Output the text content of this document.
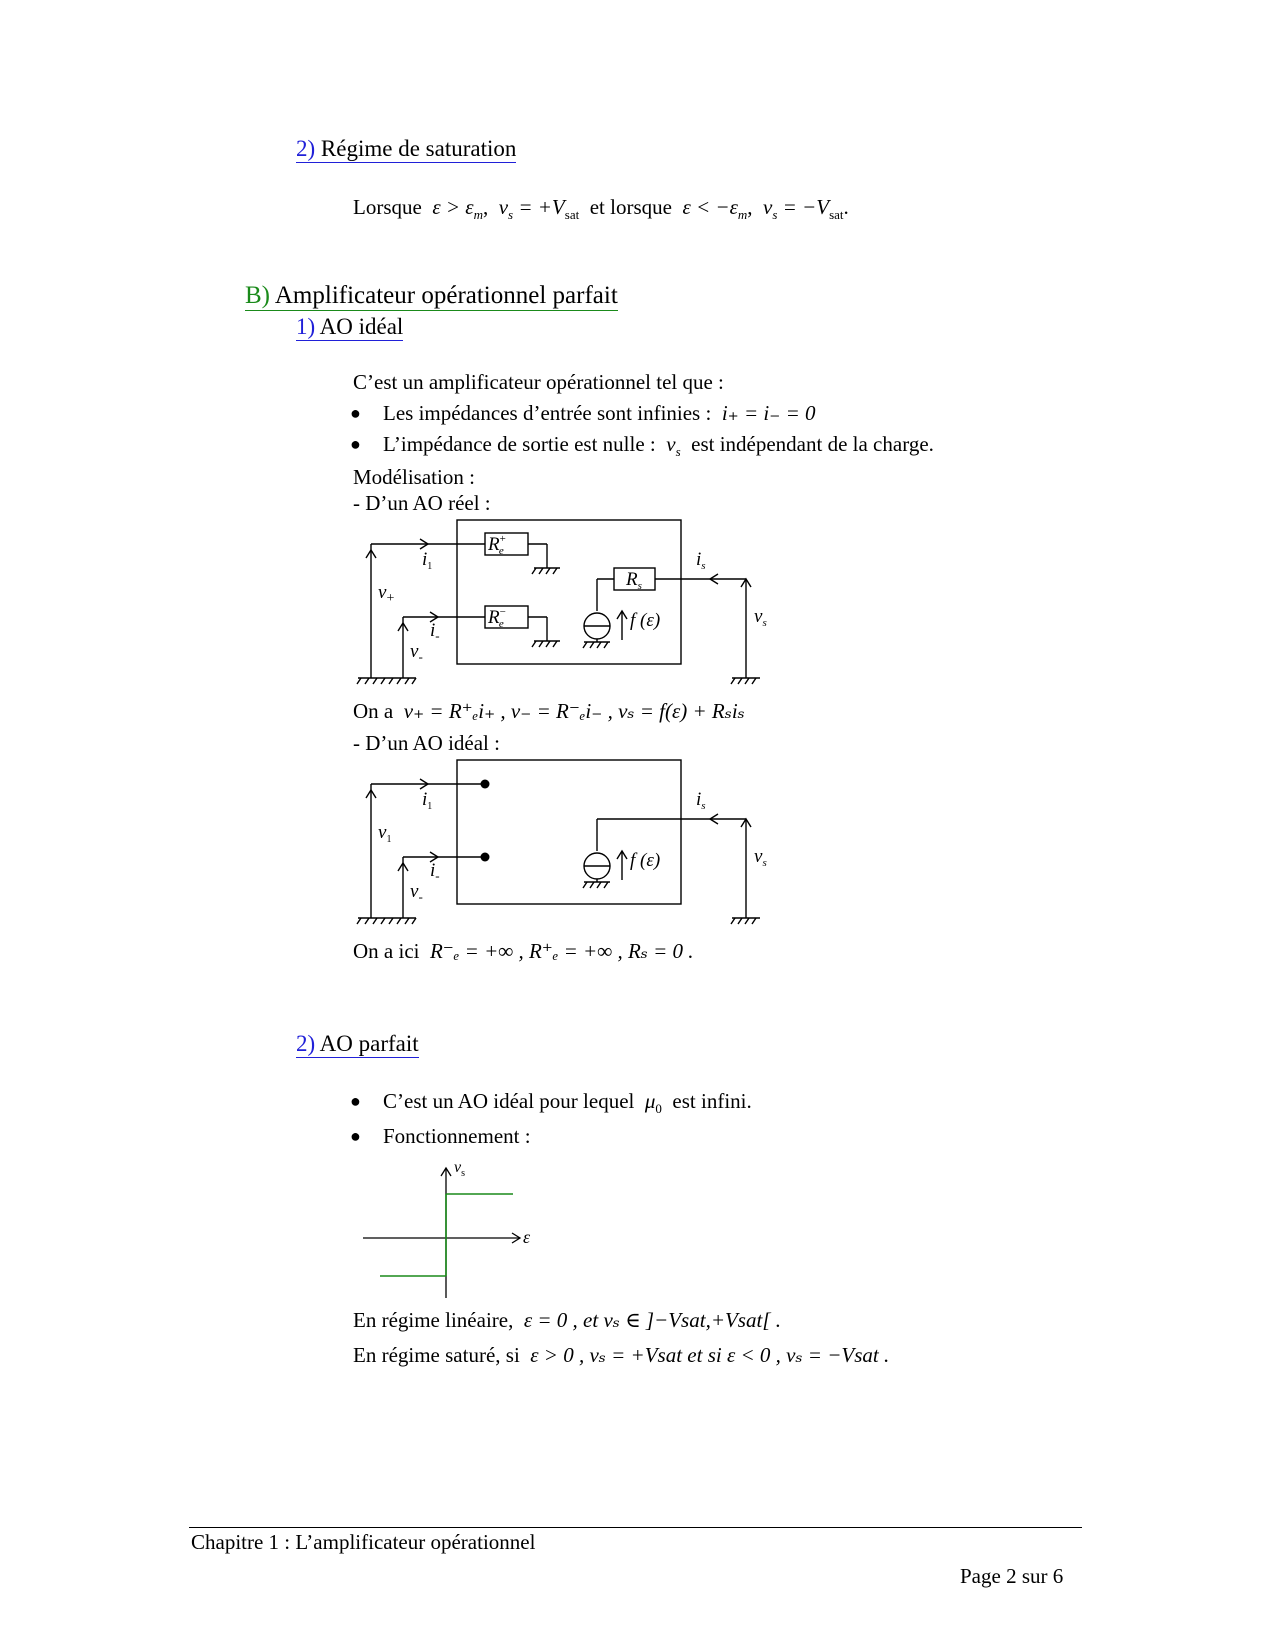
2) Régime de saturation
Lorsque $\varepsilon > \varepsilon_m$,  $v_s = +V_{sat}$ et lorsque $\varepsilon < -\varepsilon_m$,  $v_s = -V_{sat}$.
B) Amplificateur opérationnel parfait
1) AO idéal
C’est un amplificateur opérationnel tel que :
● Les impédances d’entrée sont infinies : i₊ = i₋ = 0
● L’impédance de sortie est nulle : $v_s$ est indépendant de la charge.
Modélisation :
- D’un AO réel :
$i_1$
$v_+$
$i_-$
$v_-$
R+ e
R− e
$R_s$
$i_s$
$v_s$
f (ε)
On a v₊ = R⁺ₑi₊ , v₋ = R⁻ₑi₋ , vₛ = f(ε) + Rₛiₛ
- D’un AO idéal :
$i_1$
$v_1$
$i_-$
$v_-$
$i_s$
$v_s$
f (ε)
On a ici R⁻ₑ = +∞ , R⁺ₑ = +∞ , Rₛ = 0 .
2) AO parfait
● C’est un AO idéal pour lequel $\mu_0$ est infini.
● Fonctionnement :
$v_s$
ε
En régime linéaire, ε = 0 , et vₛ ∈ ]−Vsat,+Vsat[ .
En régime saturé, si ε > 0 , vₛ = +Vsat et si ε < 0 , vₛ = −Vsat .
Chapitre 1 : L’amplificateur opérationnel
Page 2 sur 6
